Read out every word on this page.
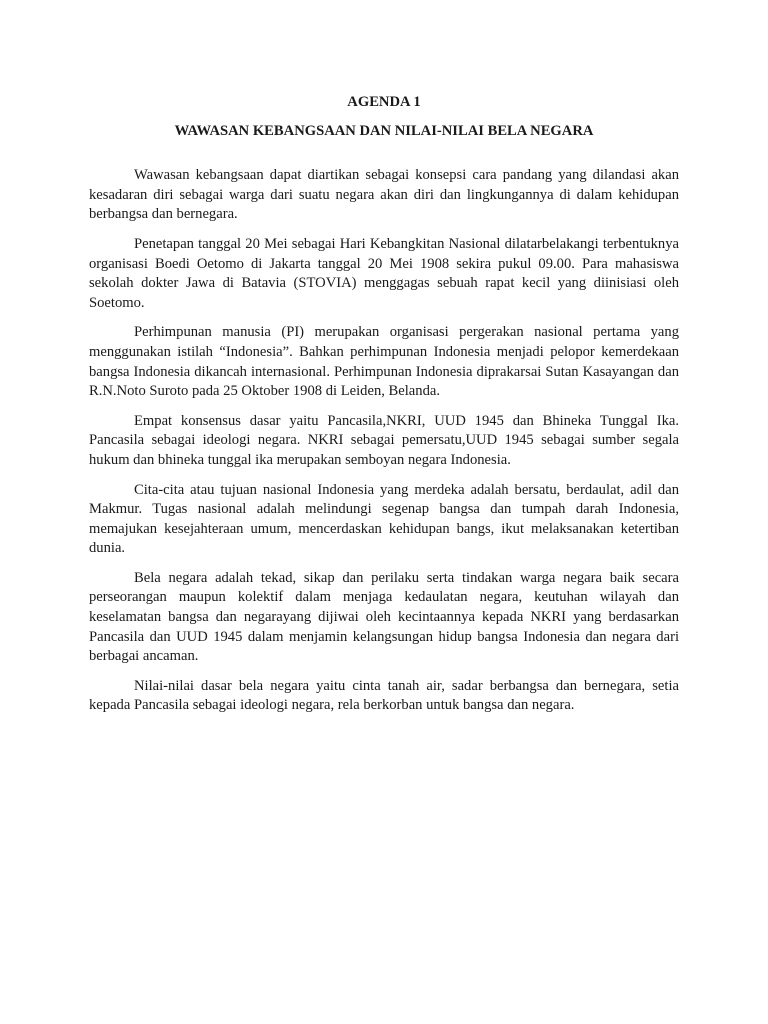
AGENDA 1

WAWASAN KEBANGSAAN DAN NILAI-NILAI BELA NEGARA

Wawasan kebangsaan dapat diartikan sebagai konsepsi cara pandang yang dilandasi akan kesadaran diri sebagai warga dari suatu negara akan diri dan lingkungannya di dalam kehidupan berbangsa dan bernegara.

Penetapan tanggal 20 Mei sebagai Hari Kebangkitan Nasional dilatarbelakangi terbentuknya organisasi Boedi Oetomo di Jakarta tanggal 20 Mei 1908 sekira pukul 09.00. Para mahasiswa sekolah dokter Jawa di Batavia (STOVIA) menggagas sebuah rapat kecil yang diinisiasi oleh Soetomo.

Perhimpunan manusia (PI) merupakan organisasi pergerakan nasional pertama yang menggunakan istilah “Indonesia”. Bahkan perhimpunan Indonesia menjadi pelopor kemerdekaan bangsa Indonesia dikancah internasional. Perhimpunan Indonesia diprakarsai Sutan Kasayangan dan R.N.Noto Suroto pada 25 Oktober 1908 di Leiden, Belanda.

Empat konsensus dasar yaitu Pancasila,NKRI, UUD 1945 dan Bhineka Tunggal Ika. Pancasila sebagai ideologi negara. NKRI sebagai pemersatu,UUD 1945 sebagai sumber segala hukum dan bhineka tunggal ika merupakan semboyan negara Indonesia.

Cita-cita atau tujuan nasional Indonesia yang merdeka adalah bersatu, berdaulat, adil dan Makmur. Tugas nasional adalah melindungi segenap bangsa dan tumpah darah Indonesia, memajukan kesejahteraan umum, mencerdaskan kehidupan bangs, ikut melaksanakan ketertiban dunia.

Bela negara adalah tekad, sikap dan perilaku serta tindakan warga negara baik secara perseorangan maupun kolektif dalam menjaga kedaulatan negara, keutuhan wilayah dan keselamatan bangsa dan negarayang dijiwai oleh kecintaannya kepada NKRI yang berdasarkan Pancasila dan UUD 1945 dalam menjamin kelangsungan hidup bangsa Indonesia dan negara dari berbagai ancaman.

Nilai-nilai dasar bela negara yaitu cinta tanah air, sadar berbangsa dan bernegara, setia kepada Pancasila sebagai ideologi negara, rela berkorban untuk bangsa dan negara.
